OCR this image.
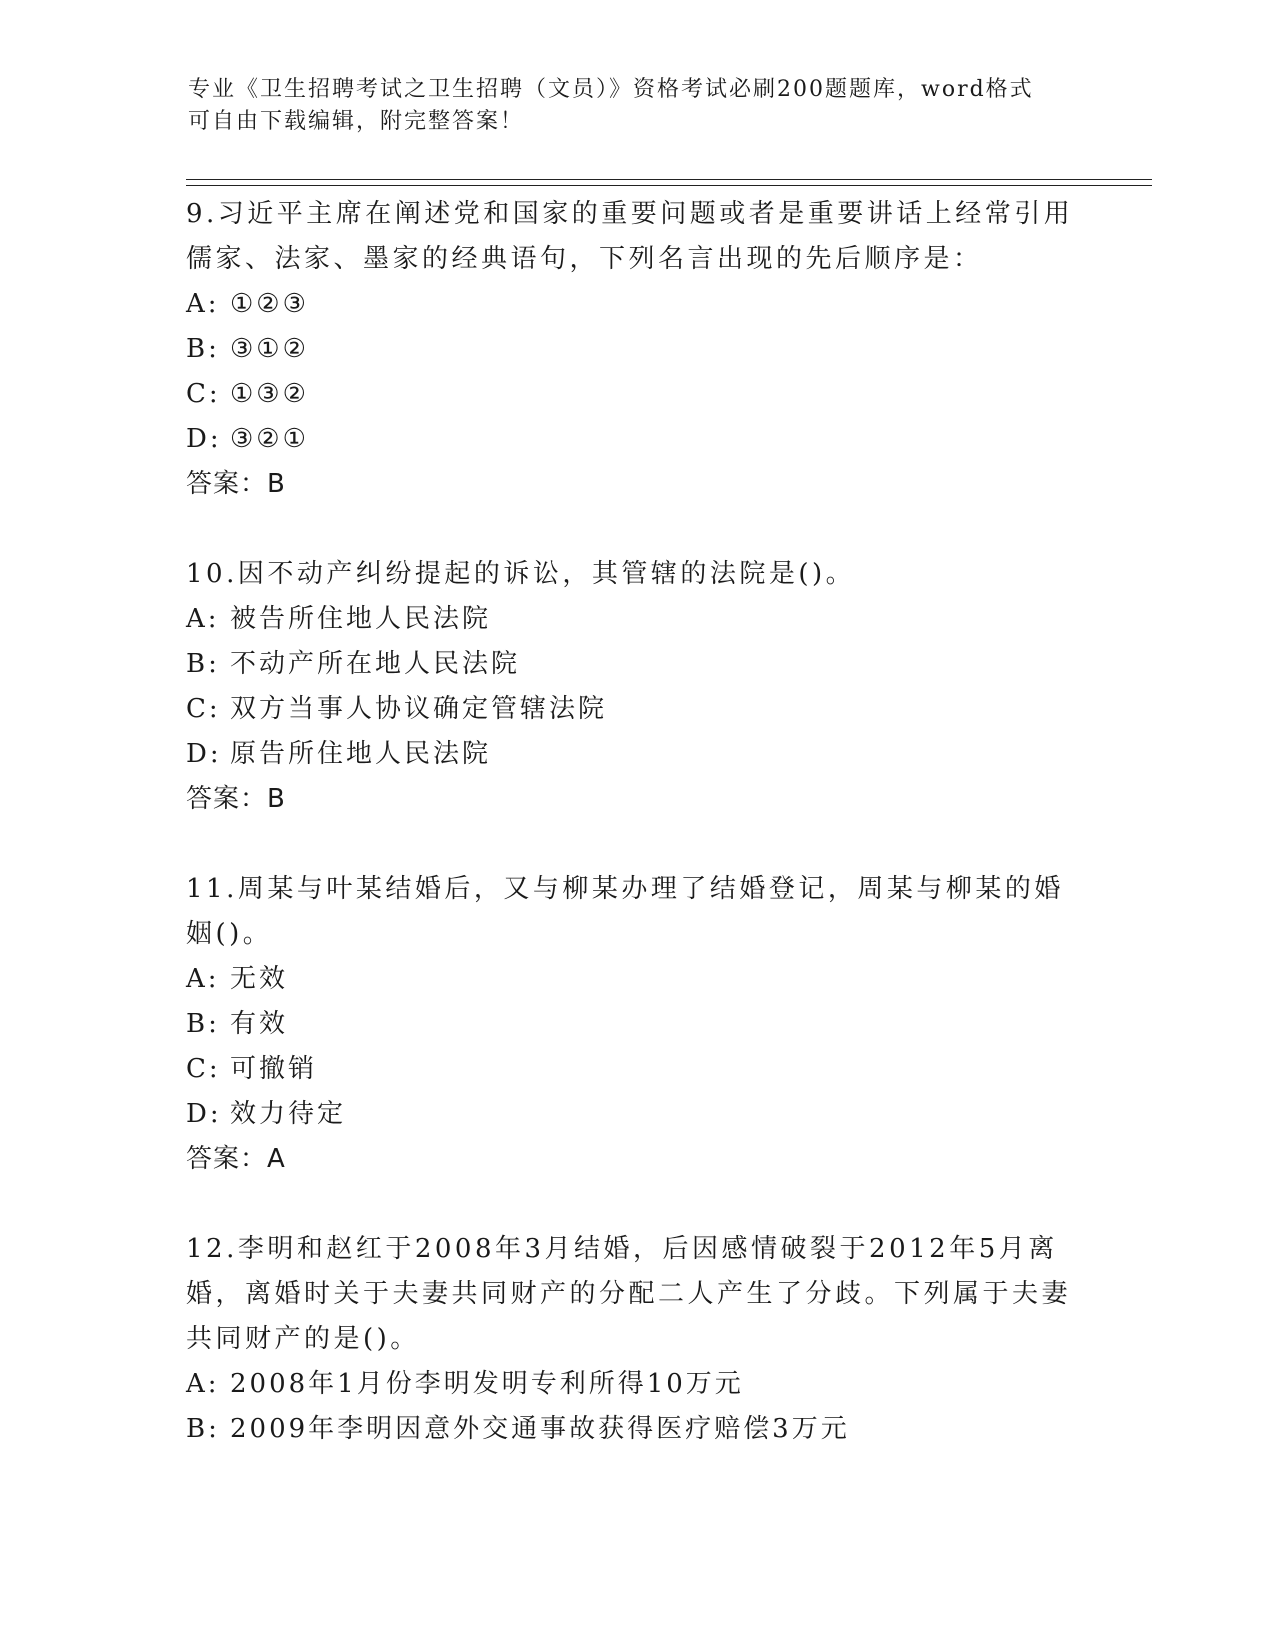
专业《卫生招聘考试之卫生招聘（文员）》资格考试必刷200题题库，word格式
可自由下载编辑，附完整答案！
9.习近平主席在阐述党和国家的重要问题或者是重要讲话上经常引用儒家、法家、墨家的经典语句，下列名言出现的先后顺序是：
A: ①②③
B: ③①②
C: ①③②
D: ③②①
答案：B
10.因不动产纠纷提起的诉讼，其管辖的法院是()。
A: 被告所住地人民法院
B: 不动产所在地人民法院
C: 双方当事人协议确定管辖法院
D: 原告所住地人民法院
答案：B
11.周某与叶某结婚后，又与柳某办理了结婚登记，周某与柳某的婚姻()。
A: 无效
B: 有效
C: 可撤销
D: 效力待定
答案：A
12.李明和赵红于2008年3月结婚，后因感情破裂于2012年5月离婚，离婚时关于夫妻共同财产的分配二人产生了分歧。下列属于夫妻共同财产的是()。
A: 2008年1月份李明发明专利所得10万元
B: 2009年李明因意外交通事故获得医疗赔偿3万元
